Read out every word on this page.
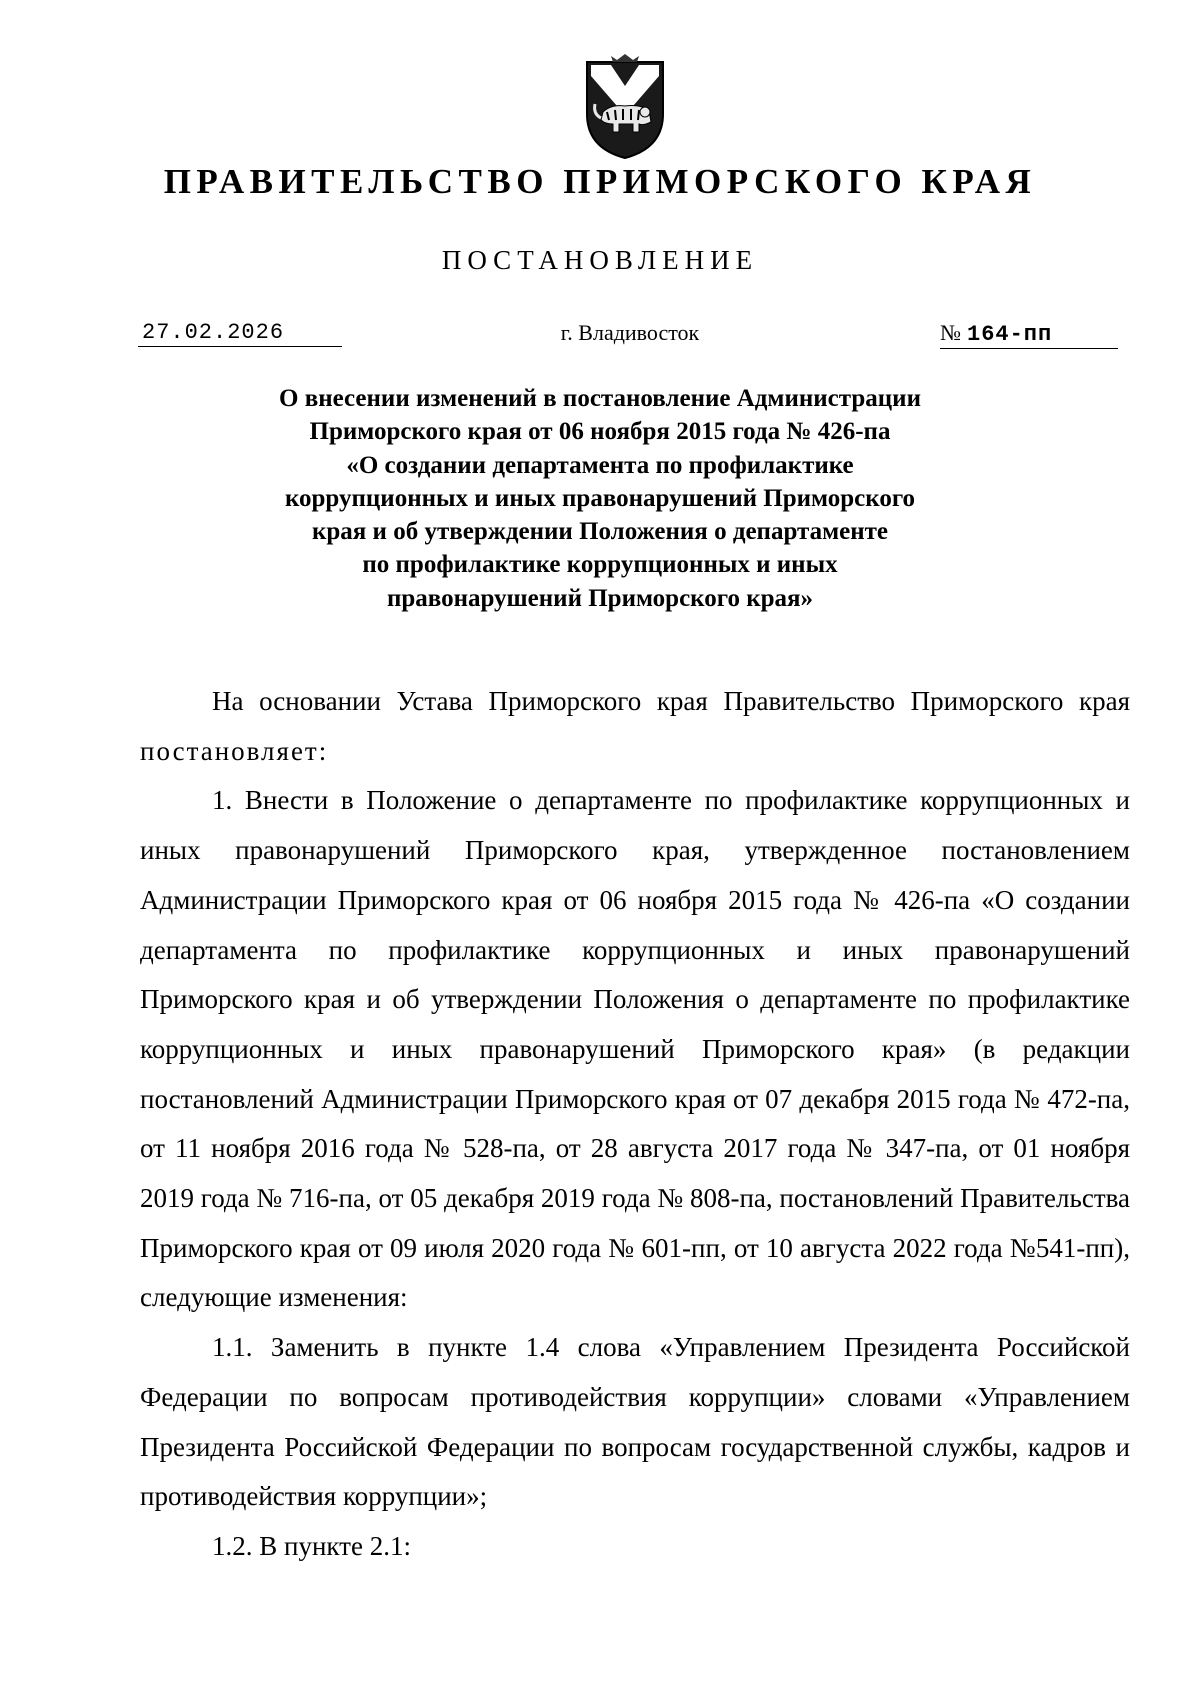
ПРАВИТЕЛЬСТВО ПРИМОРСКОГО КРАЯ
ПОСТАНОВЛЕНИЕ
27.02.2026	г. Владивосток	№ 164-пп
О внесении изменений в постановление Администрации
Приморского края от 06 ноября 2015 года № 426-па
«О создании департамента по профилактике
коррупционных и иных правонарушений Приморского
края и об утверждении Положения о департаменте
по профилактике коррупционных и иных
правонарушений Приморского края»

На основании Устава Приморского края Правительство Приморского края постановляет:

1. Внести в Положение о департаменте по профилактике коррупционных и иных правонарушений Приморского края, утвержденное постановлением Администрации Приморского края от 06 ноября 2015 года № 426-па «О создании департамента по профилактике коррупционных и иных правонарушений Приморского края и об утверждении Положения о департаменте по профилактике коррупционных и иных правонарушений Приморского края» (в редакции постановлений Администрации Приморского края от 07 декабря 2015 года № 472-па, от 11 ноября 2016 года № 528-па, от 28 августа 2017 года № 347-па, от 01 ноября 2019 года № 716-па, от 05 декабря 2019 года № 808-па, постановлений Правительства Приморского края от 09 июля 2020 года № 601-пп, от 10 августа 2022 года №541-пп), следующие изменения:

1.1. Заменить в пункте 1.4 слова «Управлением Президента Российской Федерации по вопросам противодействия коррупции» словами «Управлением Президента Российской Федерации по вопросам государственной службы, кадров и противодействия коррупции»;

1.2. В пункте 2.1:
